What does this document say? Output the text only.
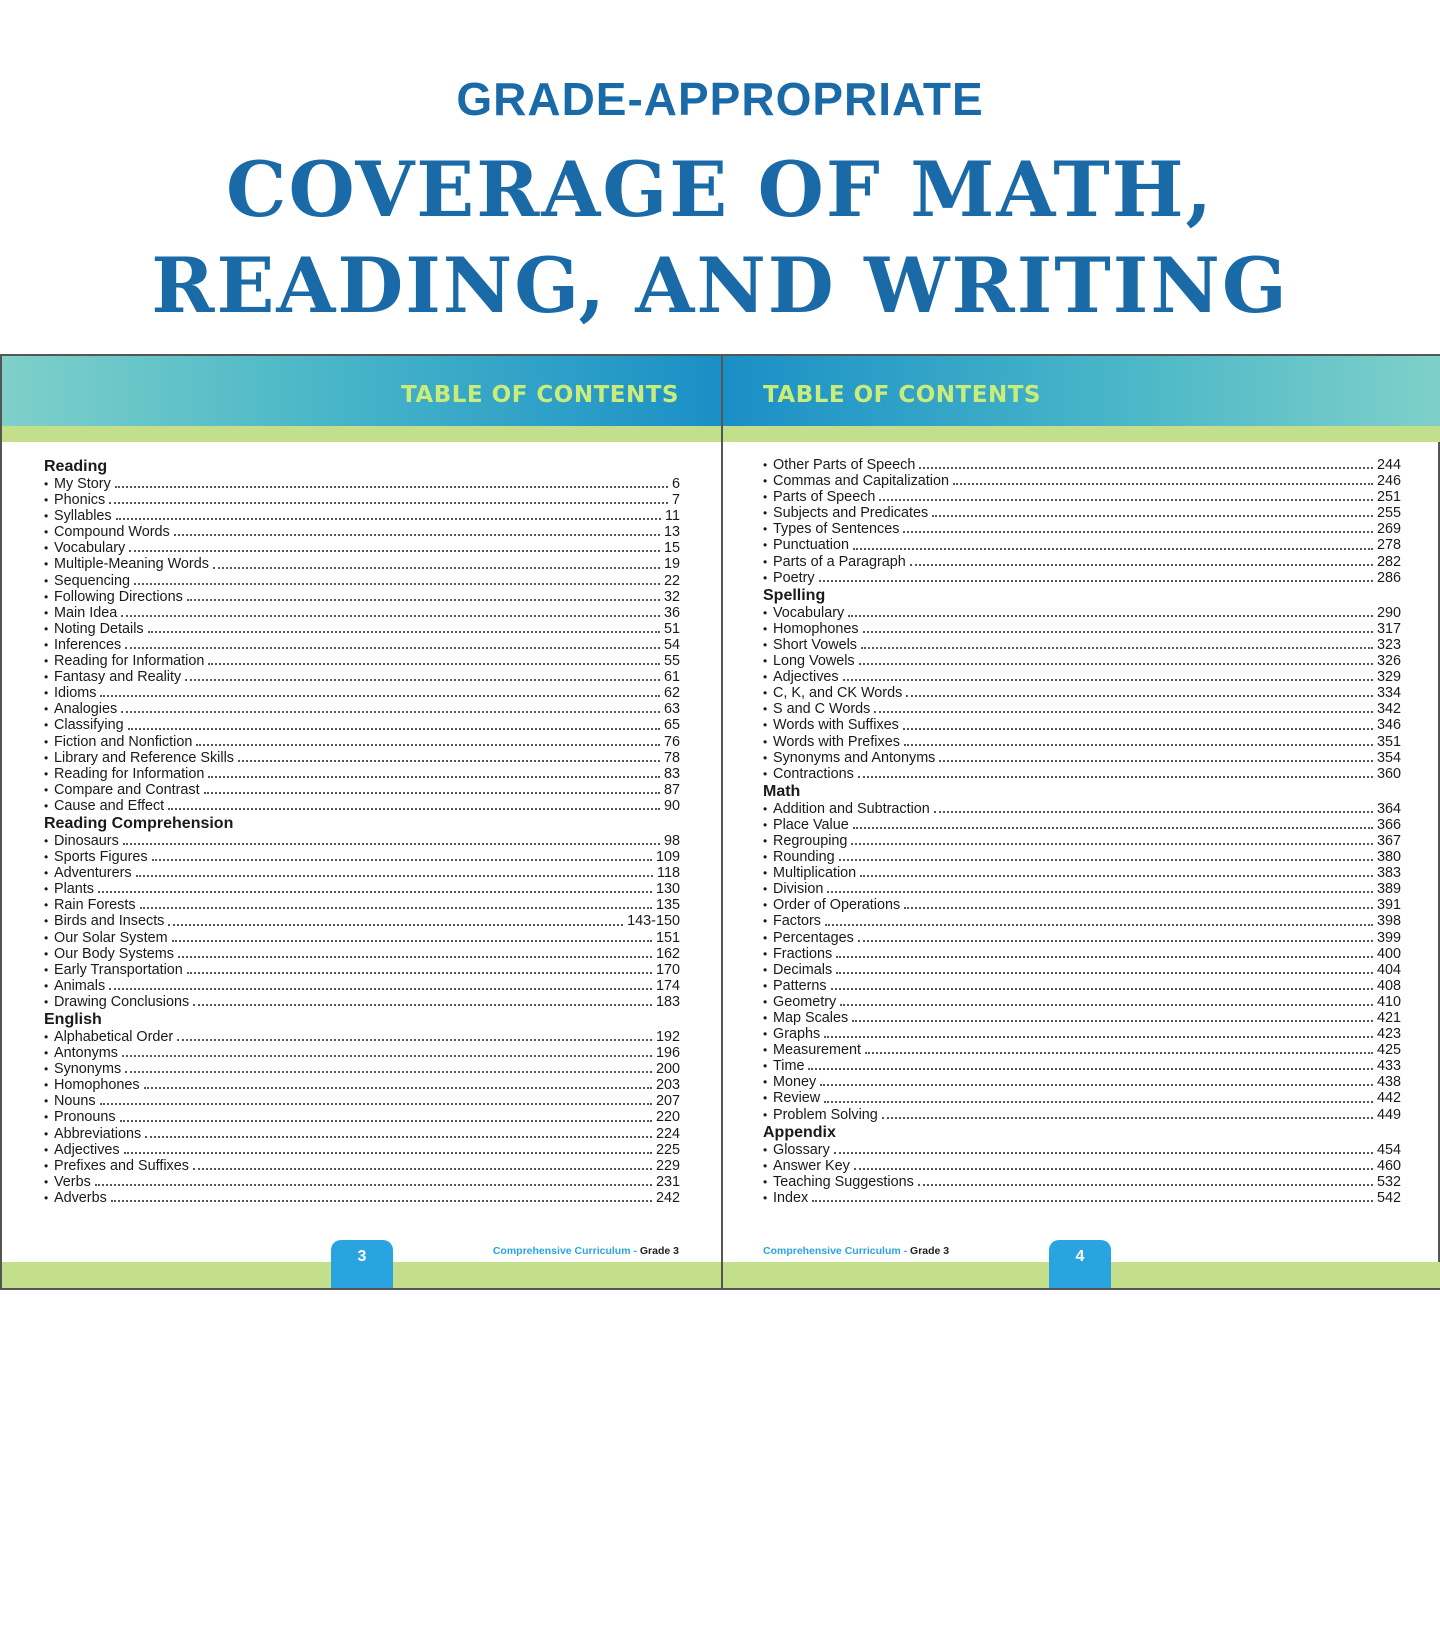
GRADE-APPROPRIATE
COVERAGE OF MATH,
READING, AND WRITING
TABLE OF CONTENTS
Reading
• My Story	6
• Phonics	7
• Syllables	11
• Compound Words	13
• Vocabulary	15
• Multiple-Meaning Words	19
• Sequencing	22
• Following Directions	32
• Main Idea	36
• Noting Details	51
• Inferences	54
• Reading for Information	55
• Fantasy and Reality	61
• Idioms	62
• Analogies	63
• Classifying	65
• Fiction and Nonfiction	76
• Library and Reference Skills	78
• Reading for Information	83
• Compare and Contrast	87
• Cause and Effect	90
Reading Comprehension
• Dinosaurs	98
• Sports Figures	109
• Adventurers	118
• Plants	130
• Rain Forests	135
• Birds and Insects	143-150
• Our Solar System	151
• Our Body Systems	162
• Early Transportation	170
• Animals	174
• Drawing Conclusions	183
English
• Alphabetical Order	192
• Antonyms	196
• Synonyms	200
• Homophones	203
• Nouns	207
• Pronouns	220
• Abbreviations	224
• Adjectives	225
• Prefixes and Suffixes	229
• Verbs	231
• Adverbs	242
Comprehensive Curriculum - Grade 3
3
TABLE OF CONTENTS
• Other Parts of Speech	244
• Commas and Capitalization	246
• Parts of Speech	251
• Subjects and Predicates	255
• Types of Sentences	269
• Punctuation	278
• Parts of a Paragraph	282
• Poetry	286
Spelling
• Vocabulary	290
• Homophones	317
• Short Vowels	323
• Long Vowels	326
• Adjectives	329
• C, K, and CK Words	334
• S and C Words	342
• Words with Suffixes	346
• Words with Prefixes	351
• Synonyms and Antonyms	354
• Contractions	360
Math
• Addition and Subtraction	364
• Place Value	366
• Regrouping	367
• Rounding	380
• Multiplication	383
• Division	389
• Order of Operations	391
• Factors	398
• Percentages	399
• Fractions	400
• Decimals	404
• Patterns	408
• Geometry	410
• Map Scales	421
• Graphs	423
• Measurement	425
• Time	433
• Money	438
• Review	442
• Problem Solving	449
Appendix
• Glossary	454
• Answer Key	460
• Teaching Suggestions	532
• Index	542
Comprehensive Curriculum - Grade 3	4
